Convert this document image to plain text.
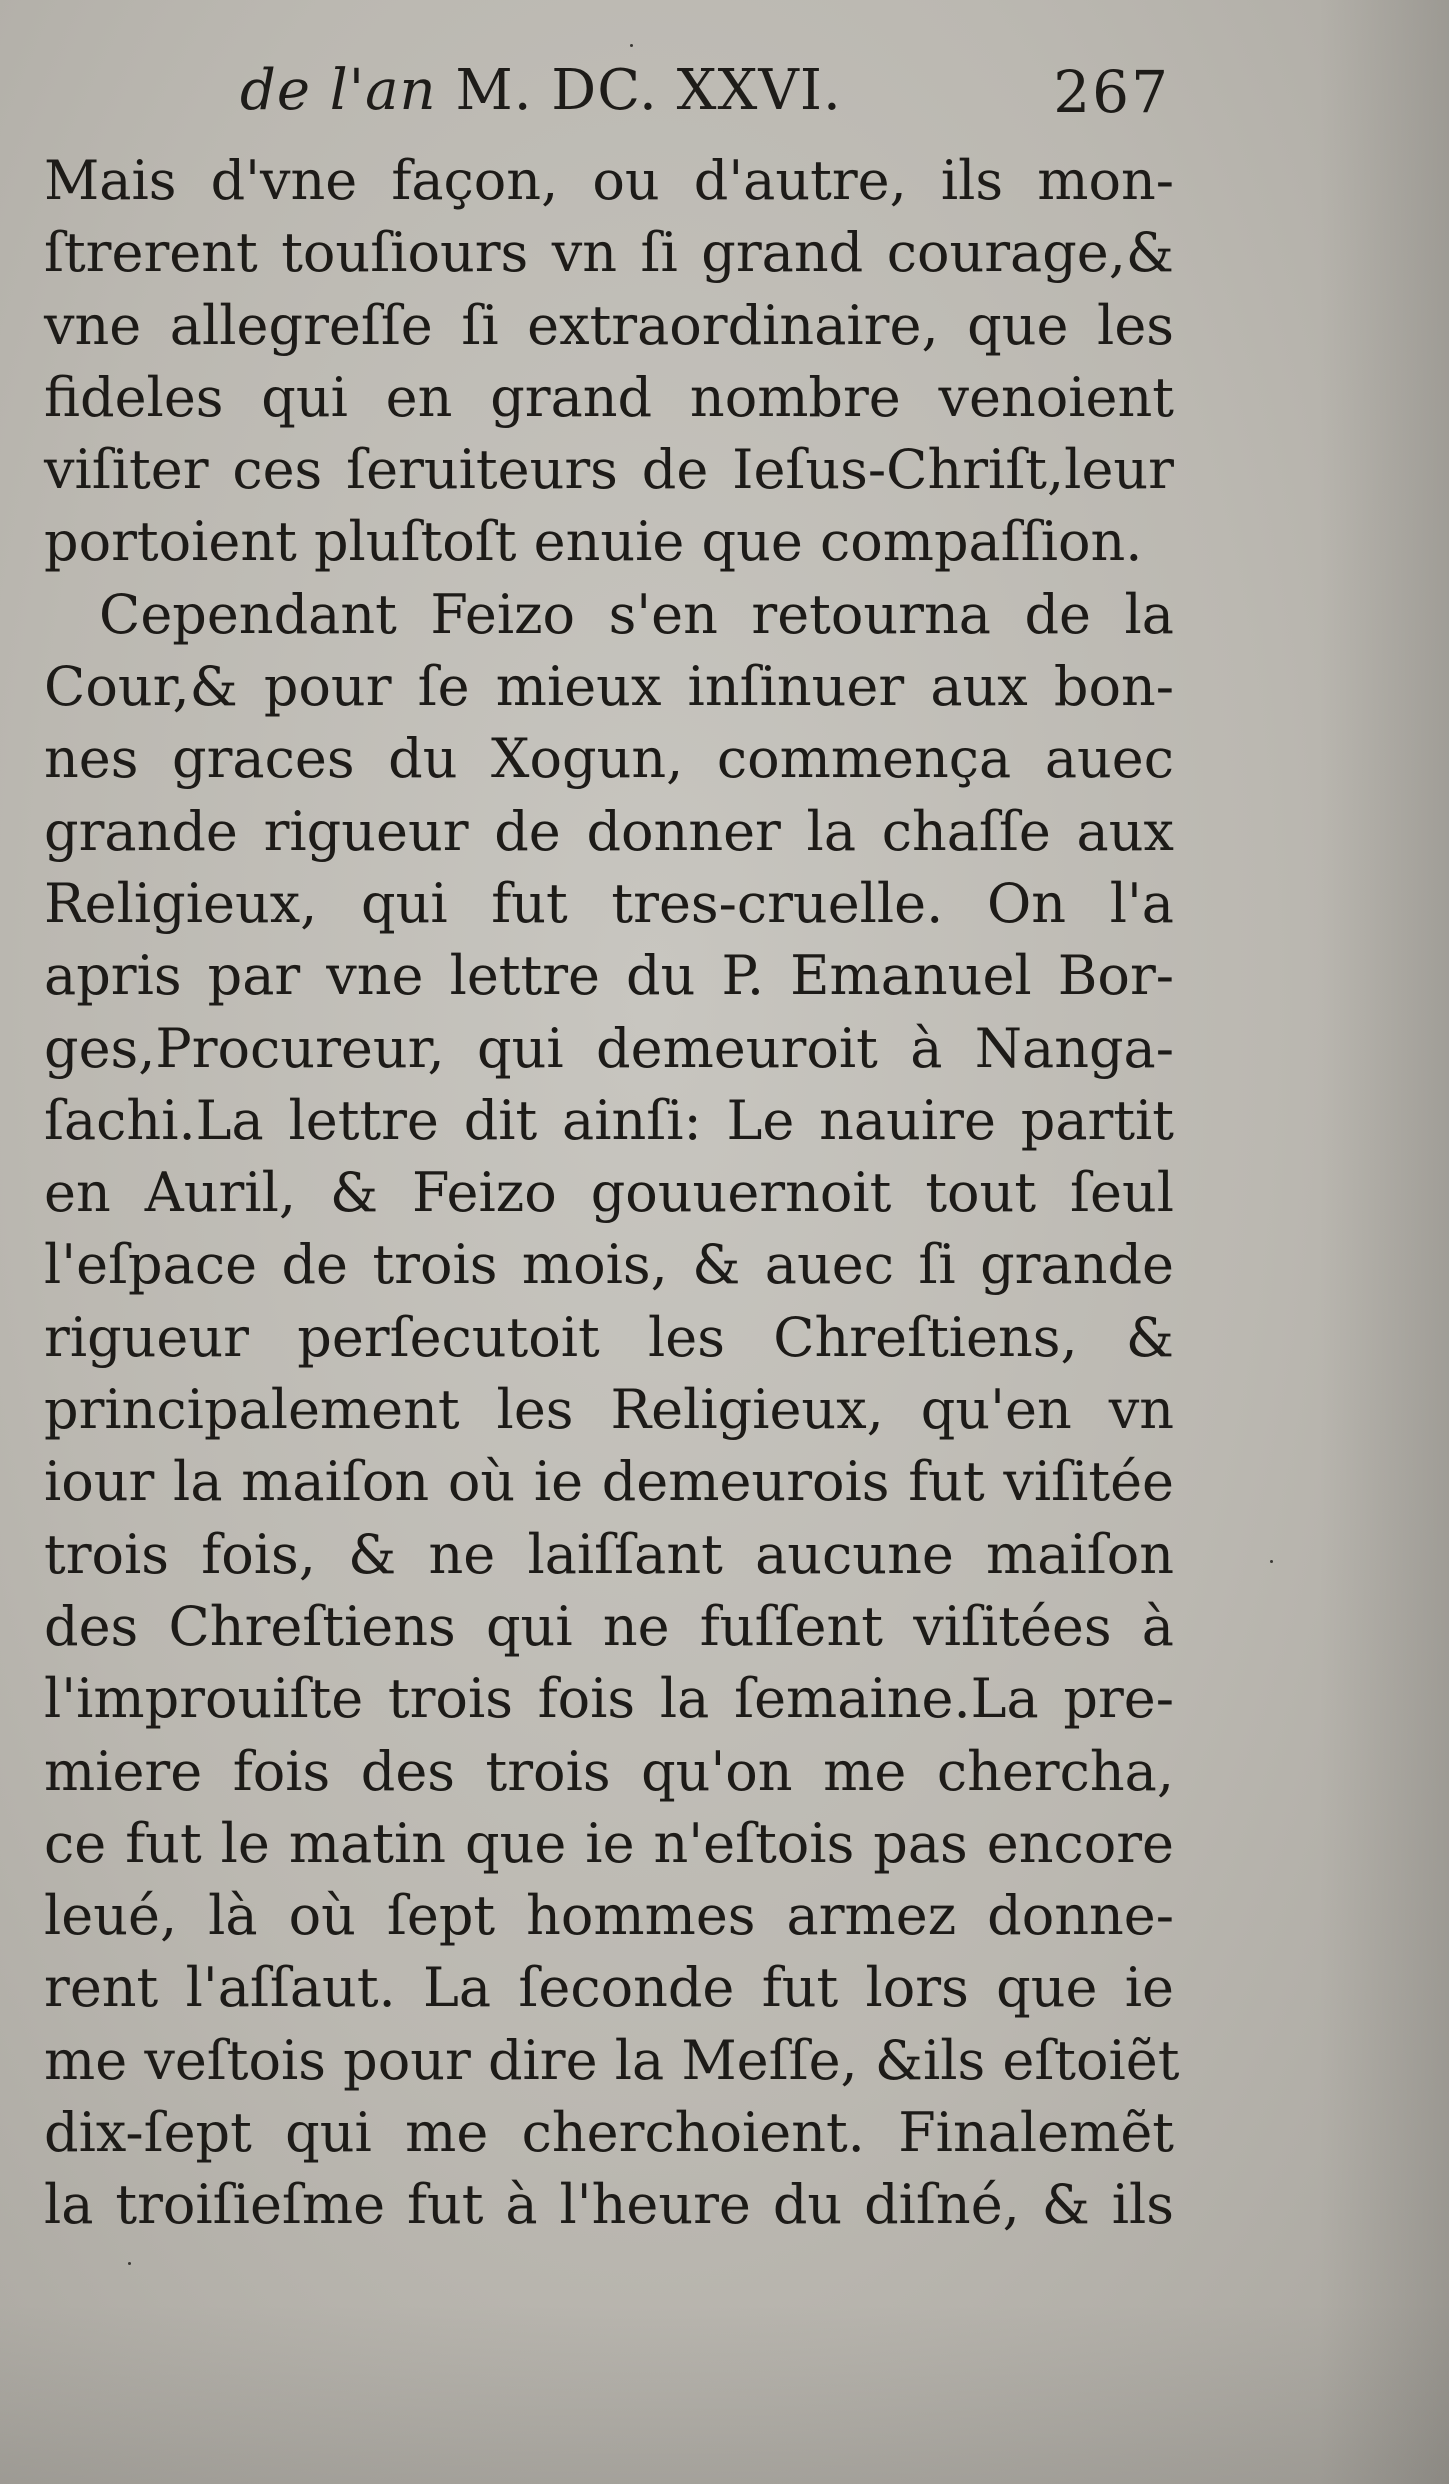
de l'an M. DC. XXVI.	267
Mais d'vne façon, ou d'autre, ils mon-
ſtrerent touſiours vn ſi grand courage,&
vne allegreſſe ſi extraordinaire, que les
fideles qui en grand nombre venoient
viſiter ces ſeruiteurs de Ieſus-Chriſt,leur
portoient pluſtoſt enuie que compaſſion.
Cependant Feizo s'en retourna de la
Cour,& pour ſe mieux inſinuer aux bon-
nes graces du Xogun, commença auec
grande rigueur de donner la chaſſe aux
Religieux, qui fut tres-cruelle. On l'a
apris par vne lettre du P. Emanuel Bor-
ges,Procureur, qui demeuroit à Nanga-
ſachi.La lettre dit ainſi: Le nauire partit
en Auril, & Feizo gouuernoit tout ſeul
l'eſpace de trois mois, & auec ſi grande
rigueur perſecutoit les Chreſtiens, &
principalement les Religieux, qu'en vn
iour la maiſon où ie demeurois fut viſitée
trois fois, & ne laiſſant aucune maiſon
des Chreſtiens qui ne fuſſent viſitées à
l'improuiſte trois fois la ſemaine.La pre-
miere fois des trois qu'on me chercha,
ce fut le matin que ie n'eſtois pas encore
leué, là où ſept hommes armez donne-
rent l'aſſaut. La ſeconde fut lors que ie
me veſtois pour dire la Meſſe, &ils eſtoiẽt
dix-ſept qui me cherchoient. Finalemẽt
la troiſieſme fut à l'heure du diſné, & ils
